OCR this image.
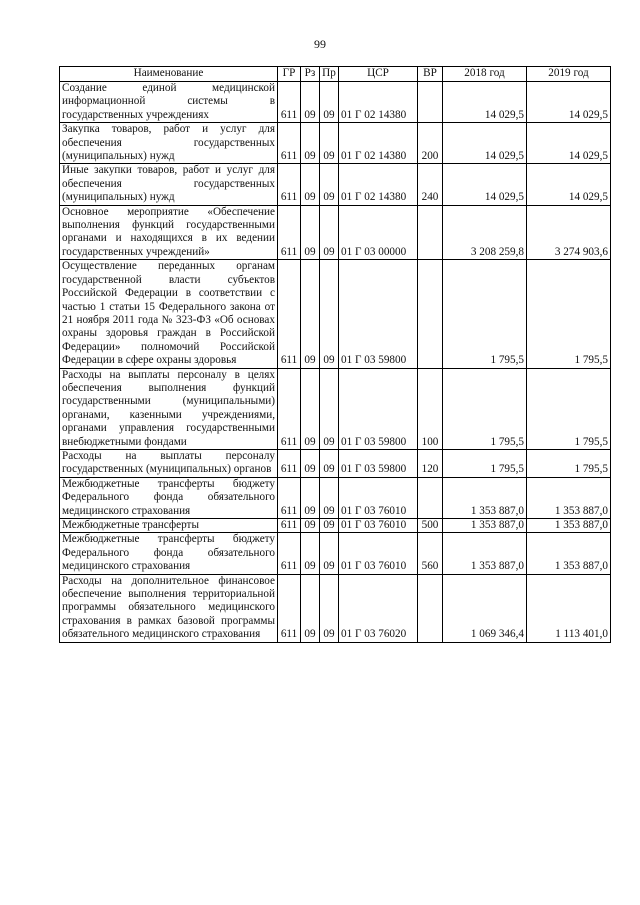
99
Наименование	ГР	Рз	Пр	ЦСР	ВР	2018 год	2019 год
Создание единой медицинской информационной системы в государственных учреждениях	611	09	09	01 Г 02 14380		14 029,5	14 029,5
Закупка товаров, работ и услуг для обеспечения государственных (муниципальных) нужд	611	09	09	01 Г 02 14380	200	14 029,5	14 029,5
Иные закупки товаров, работ и услуг для обеспечения государственных (муниципальных) нужд	611	09	09	01 Г 02 14380	240	14 029,5	14 029,5
Основное мероприятие «Обеспечение выполнения функций государственными органами и находящихся в их ведении государственных учреждений»	611	09	09	01 Г 03 00000		3 208 259,8	3 274 903,6
Осуществление переданных органам государственной власти субъектов Российской Федерации в соответствии с частью 1 статьи 15 Федерального закона от 21 ноября 2011 года № 323-ФЗ «Об основах охраны здоровья граждан в Российской Федерации» полномочий Российской Федерации в сфере охраны здоровья	611	09	09	01 Г 03 59800		1 795,5	1 795,5
Расходы на выплаты персоналу в целях обеспечения выполнения функций государственными (муниципальными) органами, казенными учреждениями, органами управления государственными внебюджетными фондами	611	09	09	01 Г 03 59800	100	1 795,5	1 795,5
Расходы на выплаты персоналу государственных (муниципальных) органов	611	09	09	01 Г 03 59800	120	1 795,5	1 795,5
Межбюджетные трансферты бюджету Федерального фонда обязательного медицинского страхования	611	09	09	01 Г 03 76010		1 353 887,0	1 353 887,0
Межбюджетные трансферты	611	09	09	01 Г 03 76010	500	1 353 887,0	1 353 887,0
Межбюджетные трансферты бюджету Федерального фонда обязательного медицинского страхования	611	09	09	01 Г 03 76010	560	1 353 887,0	1 353 887,0
Расходы на дополнительное финансовое обеспечение выполнения территориальной программы обязательного медицинского страхования в рамках базовой программы обязательного медицинского страхования	611	09	09	01 Г 03 76020		1 069 346,4	1 113 401,0
